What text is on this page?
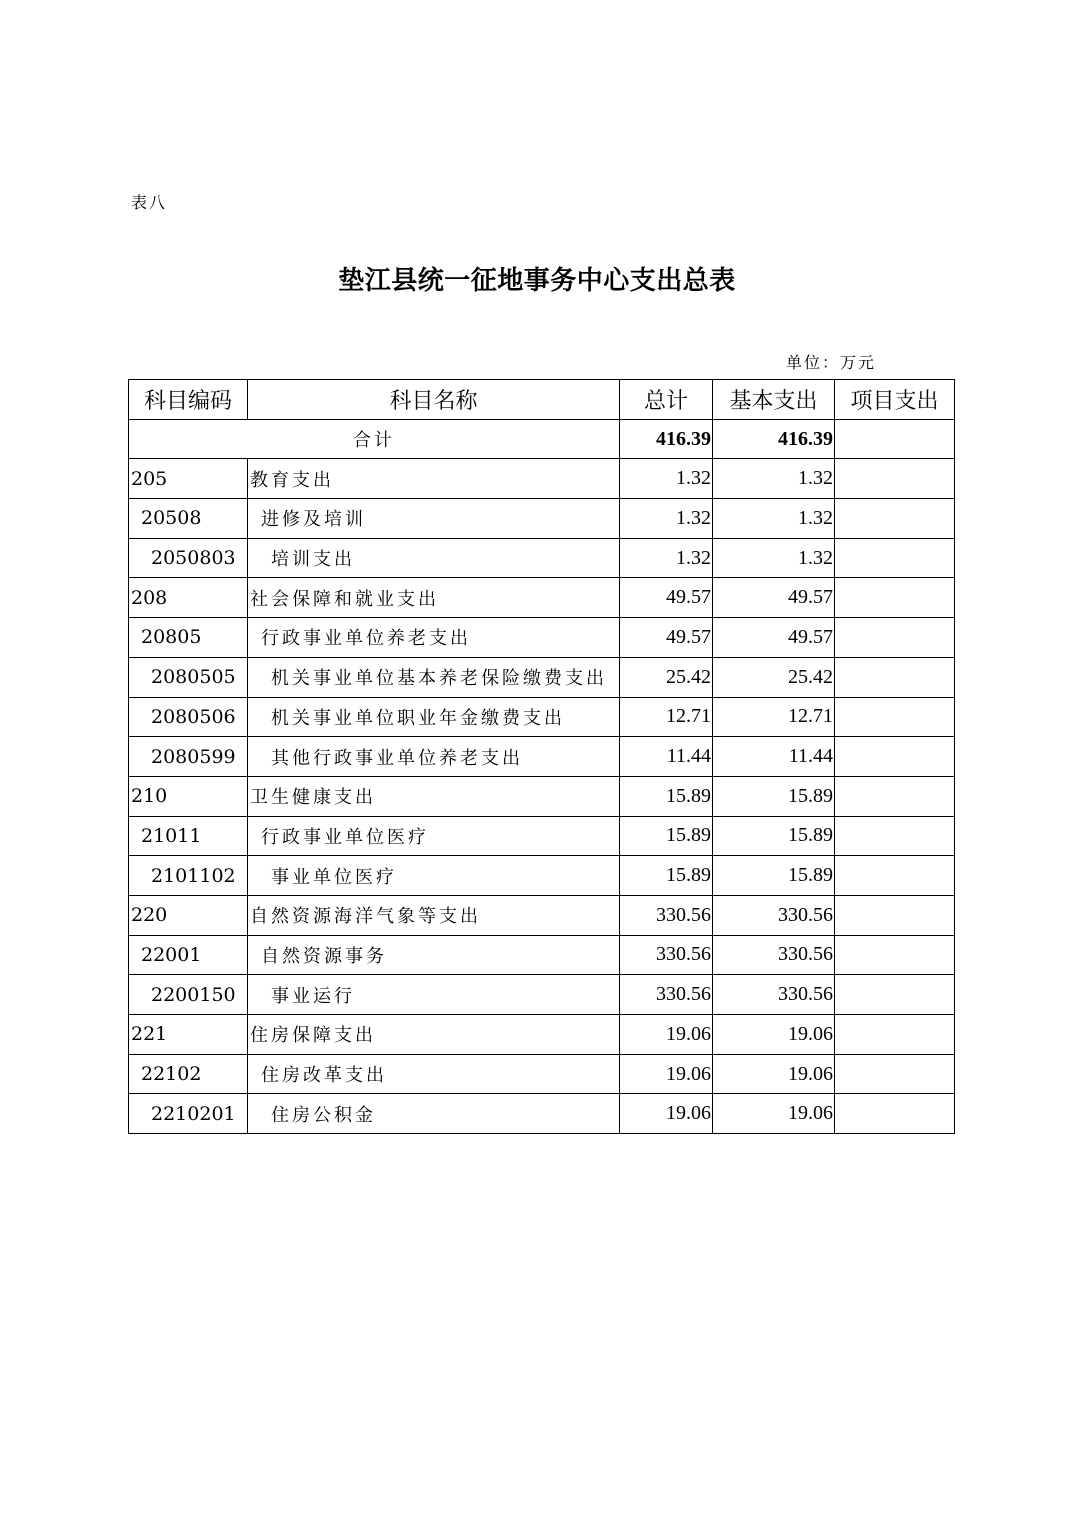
表八
垫江县统一征地事务中心支出总表
单位：万元
科目编码	科目名称	总计	基本支出	项目支出
合计		416.39	416.39	
205	教育支出	1.32	1.32	
20508	进修及培训	1.32	1.32	
2050803	培训支出	1.32	1.32	
208	社会保障和就业支出	49.57	49.57	
20805	行政事业单位养老支出	49.57	49.57	
2080505	机关事业单位基本养老保险缴费支出	25.42	25.42	
2080506	机关事业单位职业年金缴费支出	12.71	12.71	
2080599	其他行政事业单位养老支出	11.44	11.44	
210	卫生健康支出	15.89	15.89	
21011	行政事业单位医疗	15.89	15.89	
2101102	事业单位医疗	15.89	15.89	
220	自然资源海洋气象等支出	330.56	330.56	
22001	自然资源事务	330.56	330.56	
2200150	事业运行	330.56	330.56	
221	住房保障支出	19.06	19.06	
22102	住房改革支出	19.06	19.06	
2210201	住房公积金	19.06	19.06	
